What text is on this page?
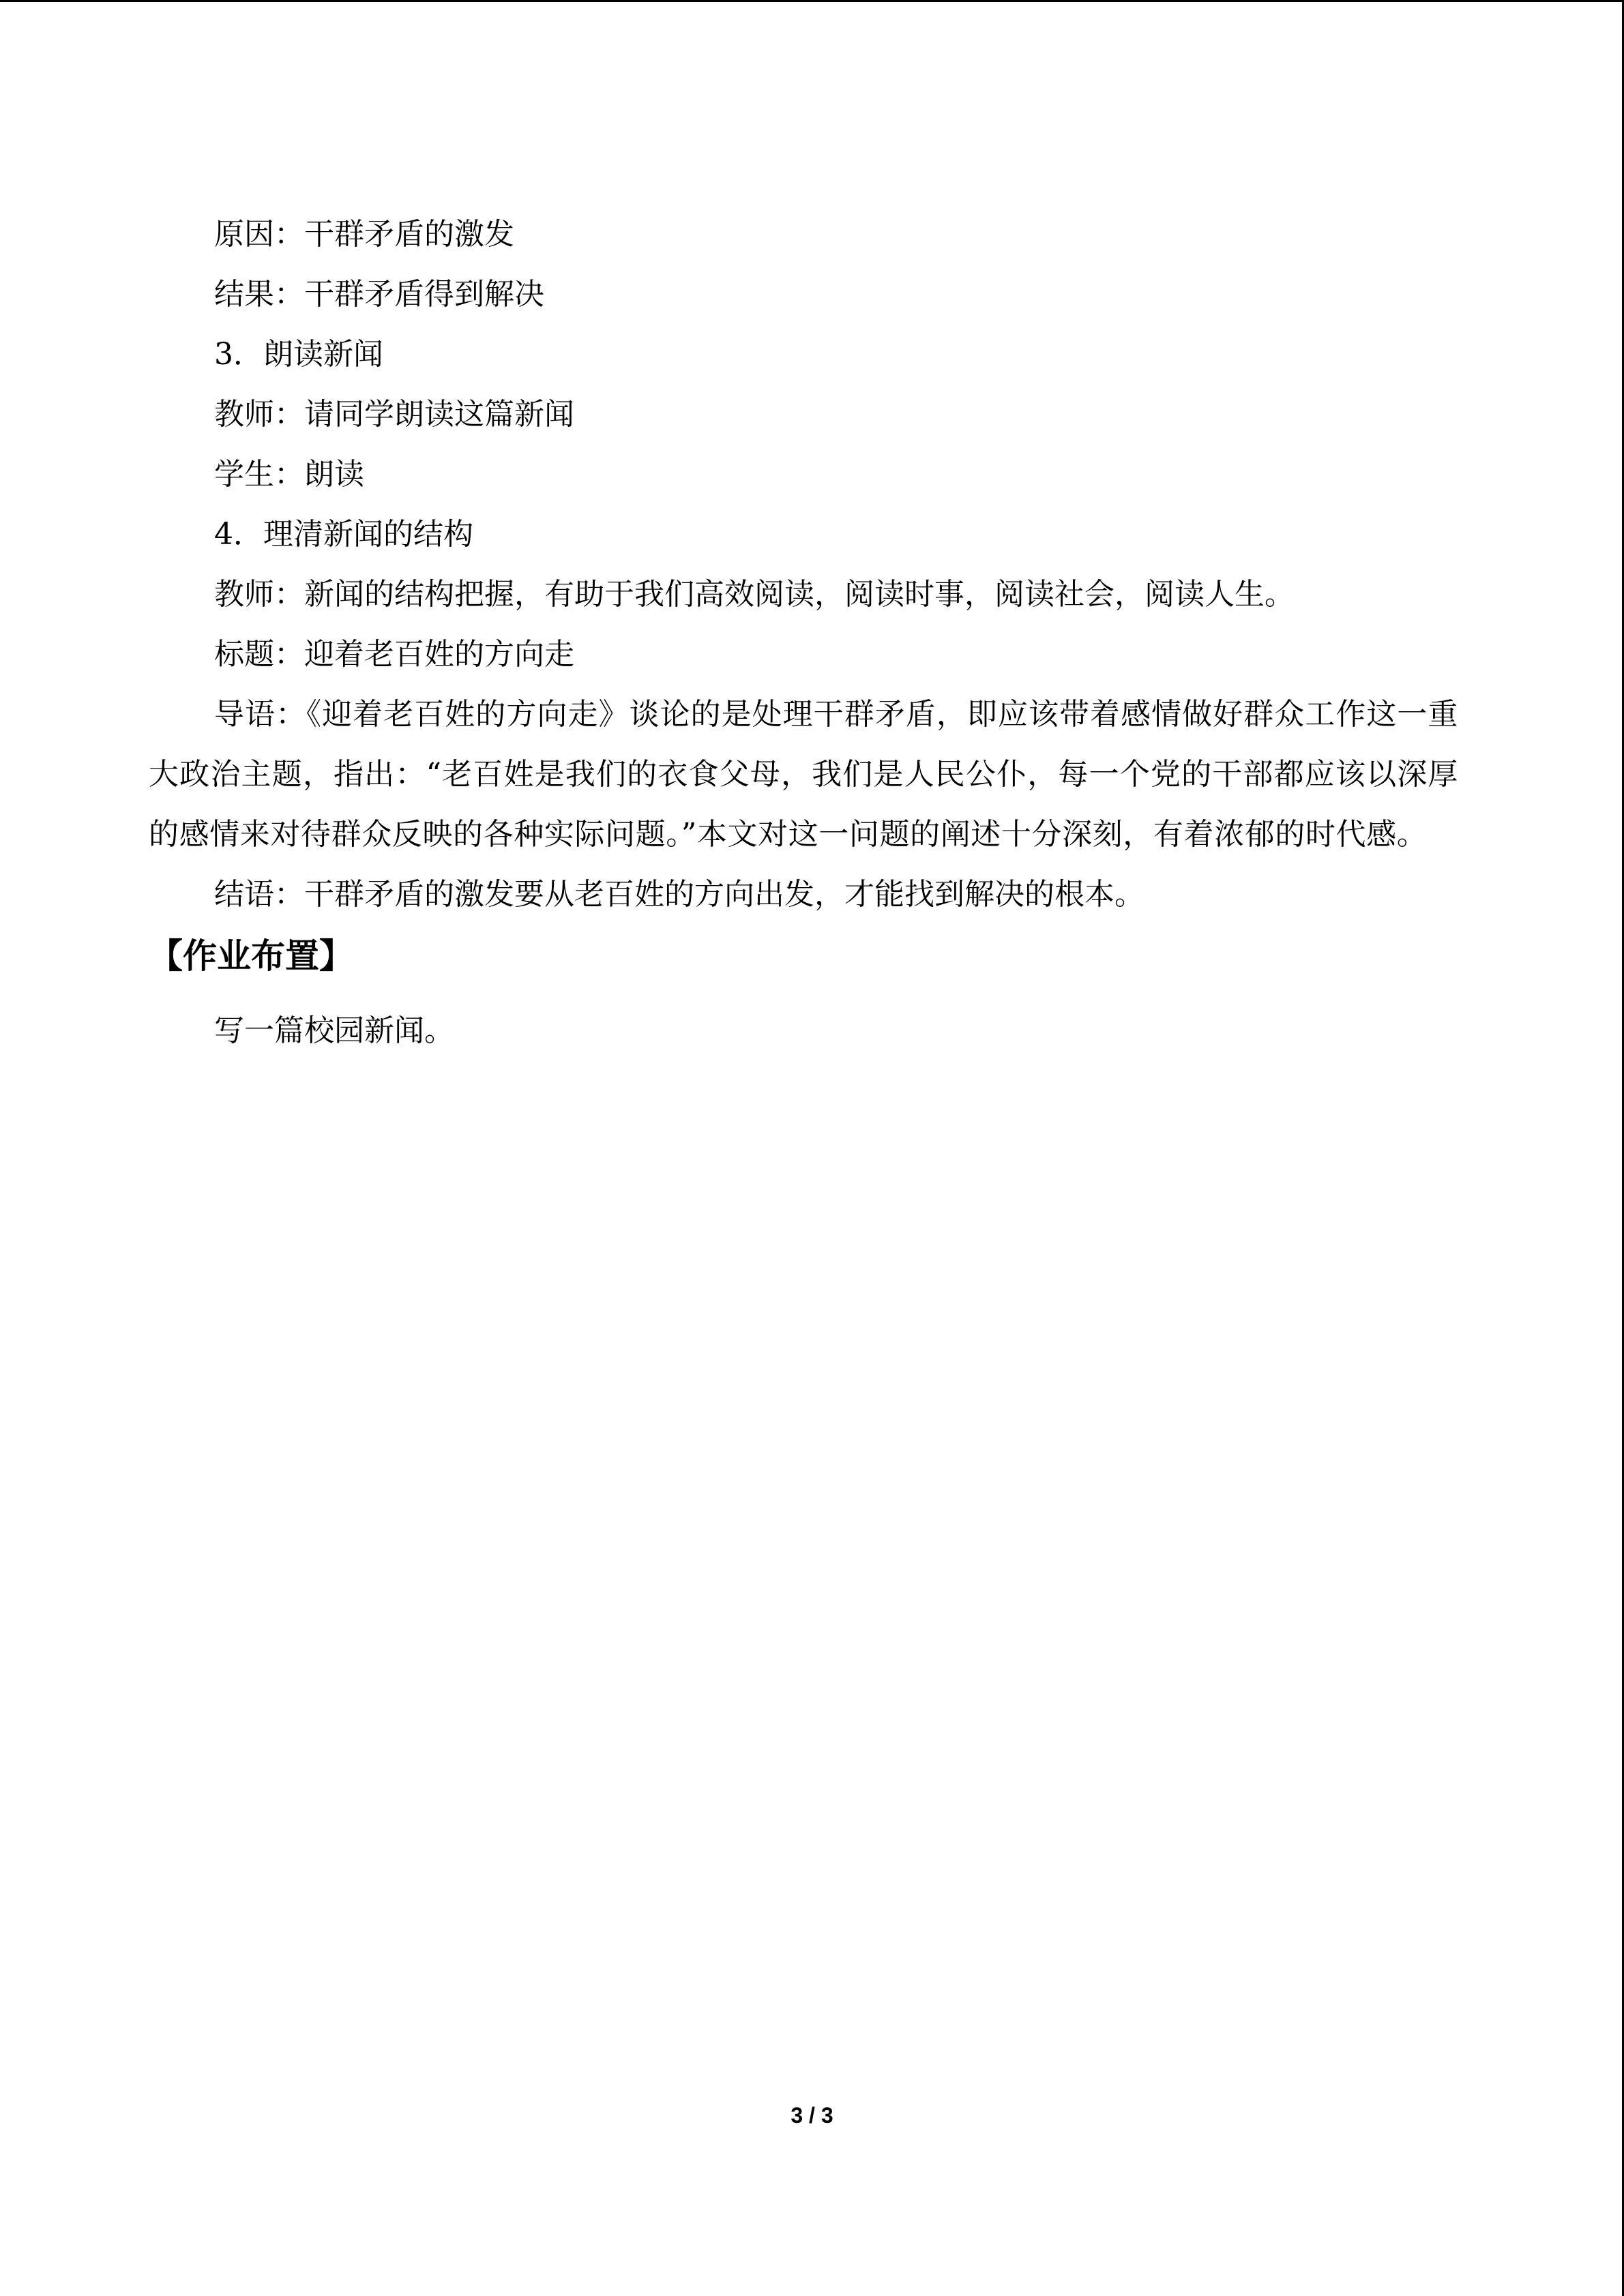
原因：干群矛盾的激发

结果：干群矛盾得到解决

3．朗读新闻

教师：请同学朗读这篇新闻

学生：朗读

4．理清新闻的结构

教师：新闻的结构把握，有助于我们高效阅读，阅读时事，阅读社会，阅读人生。

标题：迎着老百姓的方向走

导语：《迎着老百姓的方向走》谈论的是处理干群矛盾，即应该带着感情做好群众工作这一重大政治主题，指出：“老百姓是我们的衣食父母，我们是人民公仆，每一个党的干部都应该以深厚的感情来对待群众反映的各种实际问题。”本文对这一问题的阐述十分深刻，有着浓郁的时代感。

结语：干群矛盾的激发要从老百姓的方向出发，才能找到解决的根本。

【作业布置】

写一篇校园新闻。

3 / 3
